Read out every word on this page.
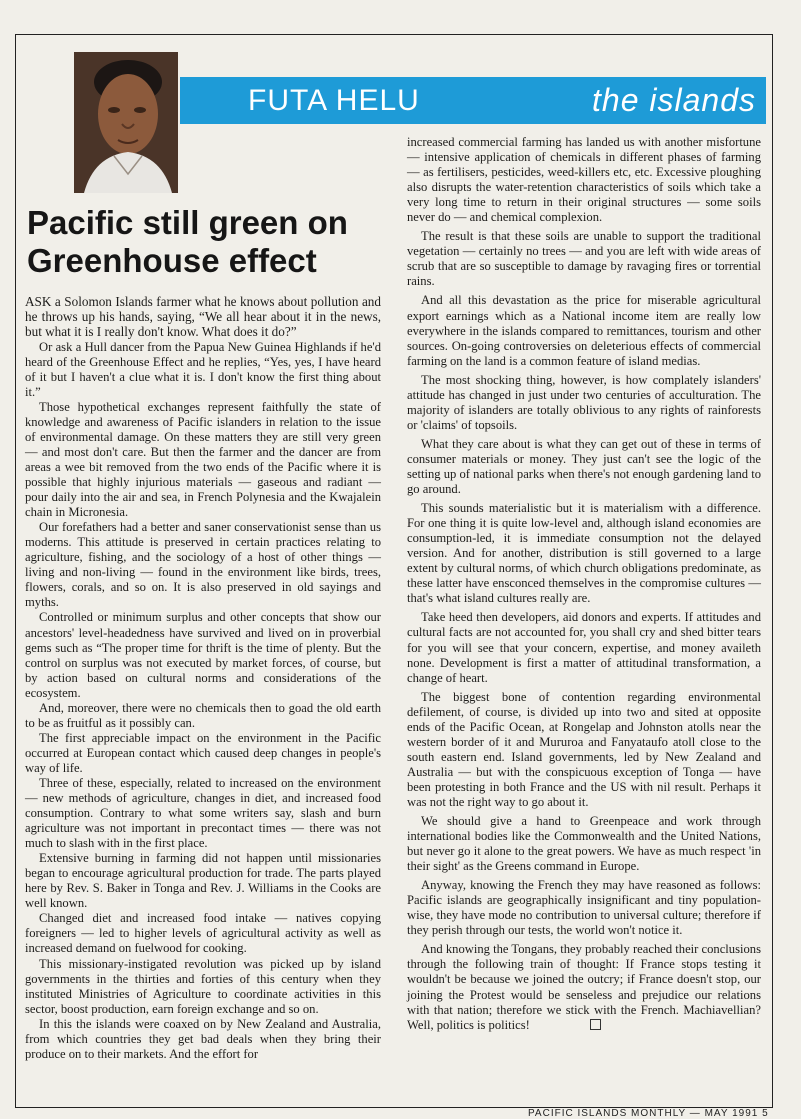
FUTA HELU	the islands
Pacific still green on Greenhouse effect

ASK a Solomon Islands farmer what he knows about pollution and he throws up his hands, saying, “We all hear about it in the news, but what it is I really don't know. What does it do?”

Or ask a Hull dancer from the Papua New Guinea Highlands if he'd heard of the Greenhouse Effect and he replies, “Yes, yes, I have heard of it but I haven't a clue what it is. I don't know the first thing about it.”

Those hypothetical exchanges represent faithfully the state of knowledge and awareness of Pacific islanders in relation to the issue of environmental damage. On these matters they are still very green — and most don't care. But then the farmer and the dancer are from areas a wee bit removed from the two ends of the Pacific where it is possible that highly injurious materials — gaseous and radiant — pour daily into the air and sea, in French Polynesia and the Kwajalein chain in Micronesia.

Our forefathers had a better and saner conservationist sense than us moderns. This attitude is preserved in certain practices relating to agriculture, fishing, and the sociology of a host of other things — living and non-living — found in the environment like birds, trees, flowers, corals, and so on. It is also preserved in old sayings and myths.

Controlled or minimum surplus and other concepts that show our ancestors' level-headedness have survived and lived on in proverbial gems such as “The proper time for thrift is the time of plenty. But the control on surplus was not executed by market forces, of course, but by action based on cultural norms and considerations of the ecosystem.

And, moreover, there were no chemicals then to goad the old earth to be as fruitful as it possibly can.

The first appreciable impact on the environment in the Pacific occurred at European contact which caused deep changes in people's way of life.

Three of these, especially, related to increased on the environment — new methods of agriculture, changes in diet, and increased food consumption. Contrary to what some writers say, slash and burn agriculture was not important in precontact times — there was not much to slash with in the first place.

Extensive burning in farming did not happen until missionaries began to encourage agricultural production for trade. The parts played here by Rev. S. Baker in Tonga and Rev. J. Williams in the Cooks are well known.

Changed diet and increased food intake — natives copying foreigners — led to higher levels of agricultural activity as well as increased demand on fuelwood for cooking.

This missionary-instigated revolution was picked up by island governments in the thirties and forties of this century when they instituted Ministries of Agriculture to coordinate activities in this sector, boost production, earn foreign exchange and so on.

In this the islands were coaxed on by New Zealand and Australia, from which countries they get bad deals when they bring their produce on to their markets. And the effort for

increased commercial farming has landed us with another misfortune — intensive application of chemicals in different phases of farming — as fertilisers, pesticides, weed-killers etc, etc. Excessive ploughing also disrupts the water-retention characteristics of soils which take a very long time to return in their original structures — some soils never do — and chemical complexion.

The result is that these soils are unable to support the traditional vegetation — certainly no trees — and you are left with wide areas of scrub that are so susceptible to damage by ravaging fires or torrential rains.

And all this devastation as the price for miserable agricultural export earnings which as a National income item are really low everywhere in the islands compared to remittances, tourism and other sources. On-going controversies on deleterious effects of commercial farming on the land is a common feature of island medias.

The most shocking thing, however, is how complately islanders' attitude has changed in just under two centuries of acculturation. The majority of islanders are totally oblivious to any rights of rainforests or 'claims' of topsoils.

What they care about is what they can get out of these in terms of consumer materials or money. They just can't see the logic of the setting up of national parks when there's not enough gardening land to go around.

This sounds materialistic but it is materialism with a difference. For one thing it is quite low-level and, although island economies are consumption-led, it is immediate consumption not the delayed version. And for another, distribution is still governed to a large extent by cultural norms, of which church obligations predominate, as these latter have ensconced themselves in the compromise cultures — that's what island cultures really are.

Take heed then developers, aid donors and experts. If attitudes and cultural facts are not accounted for, you shall cry and shed bitter tears for you will see that your concern, expertise, and money availeth none. Development is first a matter of attitudinal transformation, a change of heart.

The biggest bone of contention regarding environmental defilement, of course, is divided up into two and sited at opposite ends of the Pacific Ocean, at Rongelap and Johnston atolls near the western border of it and Mururoa and Fanyataufo atoll close to the south eastern end. Island governments, led by New Zealand and Australia — but with the conspicuous exception of Tonga — have been protesting in both France and the US with nil result. Perhaps it was not the right way to go about it.

We should give a hand to Greenpeace and work through international bodies like the Commonwealth and the United Nations, but never go it alone to the great powers. We have as much respect 'in their sight' as the Greens command in Europe.

Anyway, knowing the French they may have reasoned as follows: Pacific islands are geographically insignificant and tiny population-wise, they have mode no contribution to universal culture; therefore if they perish through our tests, the world won't notice it.

And knowing the Tongans, they probably reached their conclusions through the following train of thought: If France stops testing it wouldn't be because we joined the outcry; if France doesn't stop, our joining the Protest would be senseless and prejudice our relations with that nation; therefore we stick with the French. Machiavellian? Well, politics is politics!

PACIFIC ISLANDS MONTHLY — MAY 1991 5
